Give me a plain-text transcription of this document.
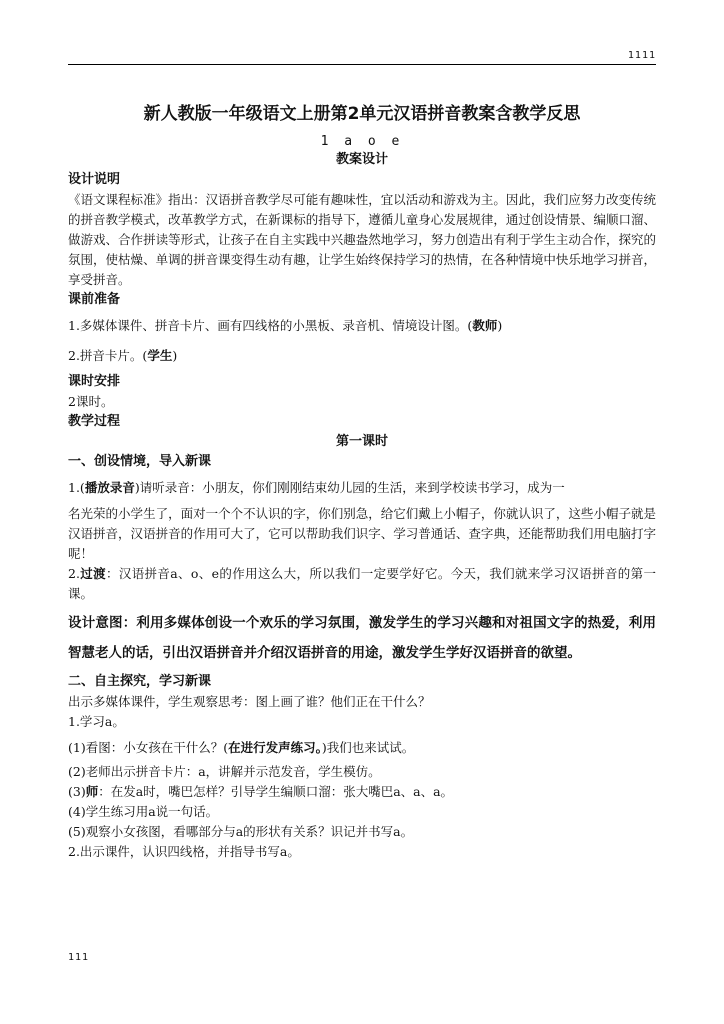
1111
新人教版一年级语文上册第2单元汉语拼音教案含教学反思
1 a o e
教案设计
设计说明
《语文课程标准》指出：汉语拼音教学尽可能有趣味性，宜以活动和游戏为主。因此，我们应努力改变传统的拼音教学模式，改革教学方式，在新课标的指导下，遵循儿童身心发展规律，通过创设情景、编顺口溜、做游戏、合作拼读等形式，让孩子在自主实践中兴趣盎然地学习，努力创造出有利于学生主动合作，探究的氛围，使枯燥、单调的拼音课变得生动有趣，让学生始终保持学习的热情，在各种情境中快乐地学习拼音，享受拼音。
课前准备
1.多媒体课件、拼音卡片、画有四线格的小黑板、录音机、情境设计图。(教师)
2.拼音卡片。(学生)
课时安排
2课时。
教学过程
第一课时
一、创设情境，导入新课
1.(播放录音)请听录音：小朋友，你们刚刚结束幼儿园的生活，来到学校读书学习，成为一
名光荣的小学生了，面对一个个不认识的字，你们别急，给它们戴上小帽子，你就认识了，这些小帽子就是汉语拼音，汉语拼音的作用可大了，它可以帮助我们识字、学习普通话、查字典，还能帮助我们用电脑打字呢！
2.过渡：汉语拼音a、o、e的作用这么大，所以我们一定要学好它。今天，我们就来学习汉语拼音的第一课。
设计意图：利用多媒体创设一个欢乐的学习氛围，激发学生的学习兴趣和对祖国文字的热爱，利用智慧老人的话，引出汉语拼音并介绍汉语拼音的用途，激发学生学好汉语拼音的欲望。
二、自主探究，学习新课
出示多媒体课件，学生观察思考：图上画了谁？他们正在干什么？
1.学习a。
(1)看图：小女孩在干什么？(在进行发声练习。)我们也来试试。
(2)老师出示拼音卡片：a，讲解并示范发音，学生模仿。
(3)师：在发a时，嘴巴怎样？引导学生编顺口溜：张大嘴巴a、a、a。
(4)学生练习用a说一句话。
(5)观察小女孩图，看哪部分与a的形状有关系？识记并书写a。
2.出示课件，认识四线格，并指导书写a。
111
